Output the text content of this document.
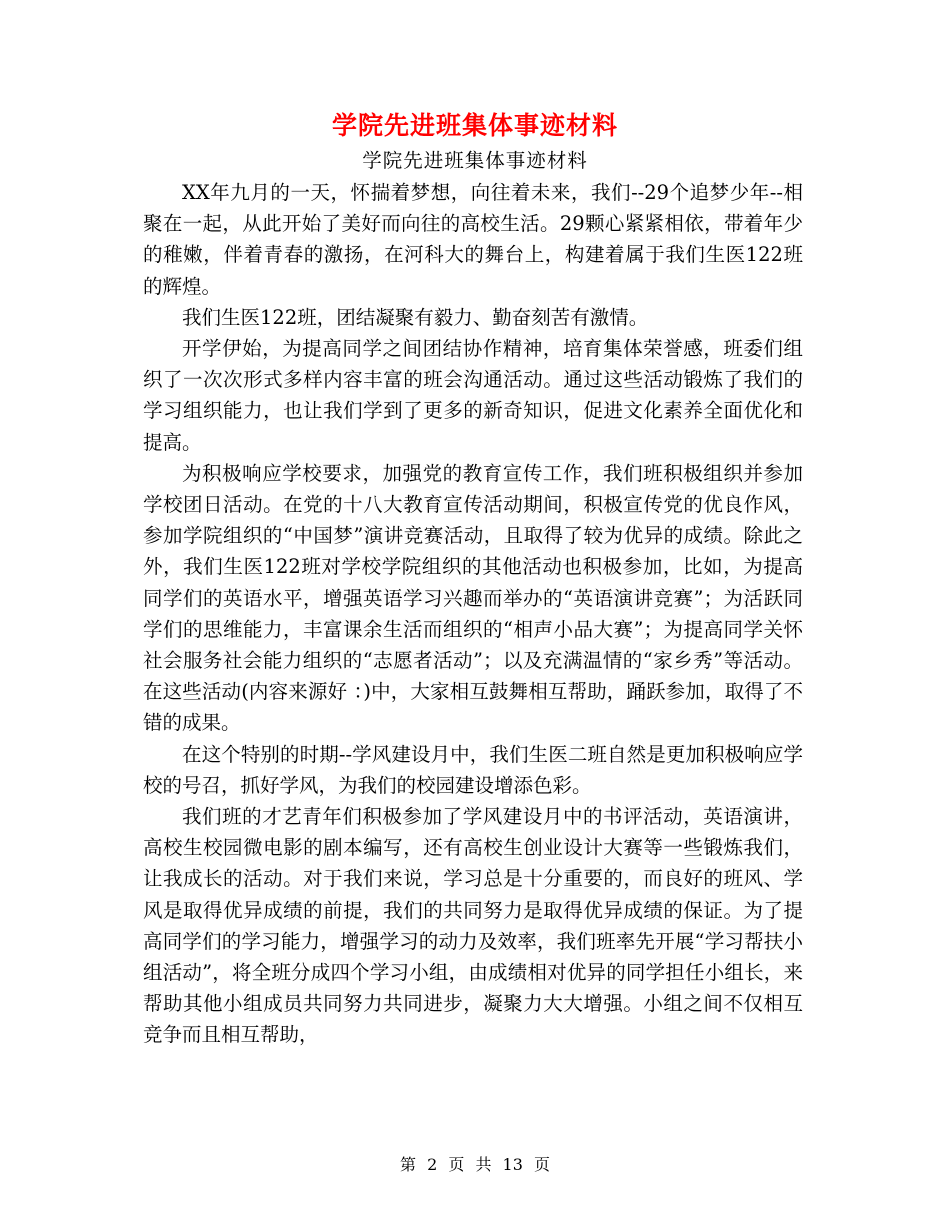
学院先进班集体事迹材料
学院先进班集体事迹材料

XX年九月的一天，怀揣着梦想，向往着未来，我们--29个追梦少年--相聚在一起，从此开始了美好而向往的高校生活。29颗心紧紧相依，带着年少的稚嫩，伴着青春的激扬，在河科大的舞台上，构建着属于我们生医122班的辉煌。

我们生医122班，团结凝聚有毅力、勤奋刻苦有激情。

开学伊始，为提高同学之间团结协作精神，培育集体荣誉感，班委们组织了一次次形式多样内容丰富的班会沟通活动。通过这些活动锻炼了我们的学习组织能力，也让我们学到了更多的新奇知识，促进文化素养全面优化和提高。

为积极响应学校要求，加强党的教育宣传工作，我们班积极组织并参加学校团日活动。在党的十八大教育宣传活动期间，积极宣传党的优良作风，参加学院组织的“中国梦”演讲竞赛活动，且取得了较为优异的成绩。除此之外，我们生医122班对学校学院组织的其他活动也积极参加，比如，为提高同学们的英语水平，增强英语学习兴趣而举办的“英语演讲竞赛”；为活跃同学们的思维能力，丰富课余生活而组织的“相声小品大赛”；为提高同学关怀社会服务社会能力组织的“志愿者活动”；以及充满温情的“家乡秀”等活动。在这些活动(内容来源好 ：)中，大家相互鼓舞相互帮助，踊跃参加，取得了不错的成果。

在这个特别的时期--学风建设月中，我们生医二班自然是更加积极响应学校的号召，抓好学风，为我们的校园建设增添色彩。

我们班的才艺青年们积极参加了学风建设月中的书评活动，英语演讲，高校生校园微电影的剧本编写，还有高校生创业设计大赛等一些锻炼我们，让我成长的活动。对于我们来说，学习总是十分重要的，而良好的班风、学风是取得优异成绩的前提，我们的共同努力是取得优异成绩的保证。为了提高同学们的学习能力，增强学习的动力及效率，我们班率先开展“学习帮扶小组活动”，将全班分成四个学习小组，由成绩相对优异的同学担任小组长，来帮助其他小组成员共同努力共同进步，凝聚力大大增强。小组之间不仅相互竞争而且相互帮助，

第 2 页 共 13 页
